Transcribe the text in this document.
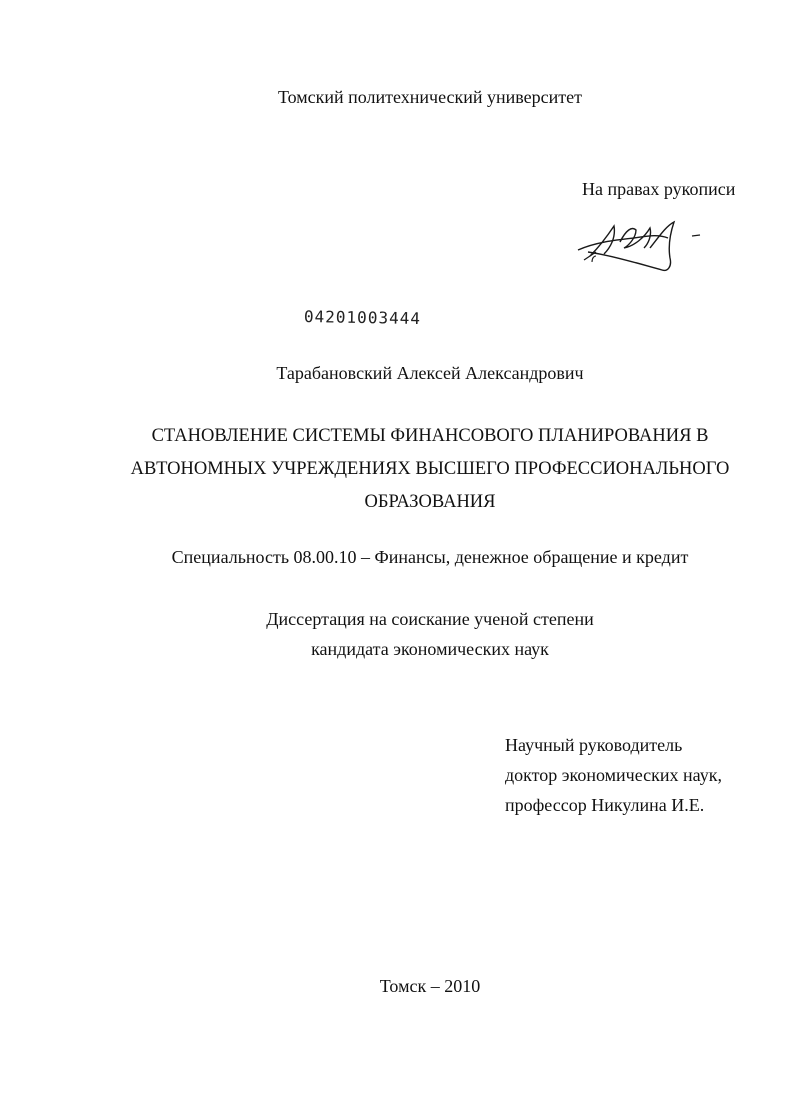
Томский политехнический университет
На правах рукописи
04201003444
Тарабановский Алексей Александрович
СТАНОВЛЕНИЕ СИСТЕМЫ ФИНАНСОВОГО ПЛАНИРОВАНИЯ В
АВТОНОМНЫХ УЧРЕЖДЕНИЯХ ВЫСШЕГО ПРОФЕССИОНАЛЬНОГО
ОБРАЗОВАНИЯ
Специальность 08.00.10 – Финансы, денежное обращение и кредит
Диссертация на соискание ученой степени
кандидата экономических наук
Научный руководитель
доктор экономических наук,
профессор Никулина И.Е.
Томск – 2010
